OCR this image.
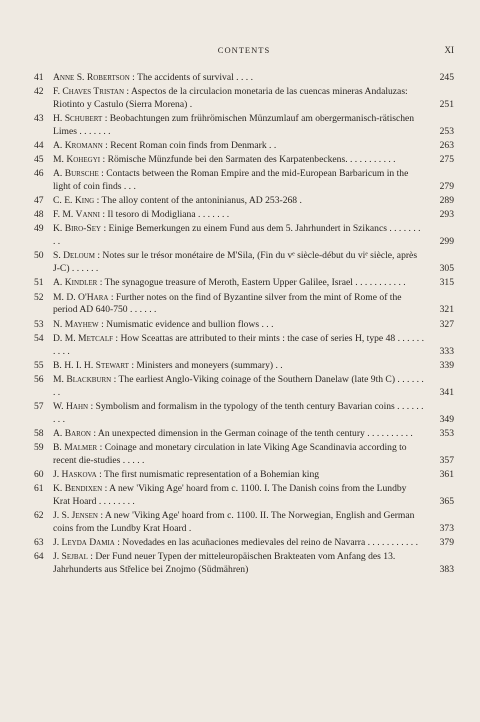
CONTENTS	XI
41 Anne S. Robertson : The accidents of survival . . . .	245
42 F. Chaves Tristan : Aspectos de la circulacion monetaria de las cuencas mineras Andaluzas: Riotinto y Castulo (Sierra Morena) .	251
43 H. Schubert : Beobachtungen zum frührömischen Münzumlauf am obergermanisch-rätischen Limes . . . . . . .	253
44 A. Kromann : Recent Roman coin finds from Denmark . .	263
45 M. Kohegyi : Römische Münzfunde bei den Sarmaten des Karpatenbeckens. . . . . . . . . . .	275
46 A. Bursche : Contacts between the Roman Empire and the mid-European Barbaricum in the light of coin finds . . .	279
47 C. E. King : The alloy content of the antoninianus, AD 253-268 .	289
48 F. M. Vanni : Il tesoro di Modigliana . . . . . . .	293
49 K. Biro-Sey : Einige Bemerkungen zu einem Fund aus dem 5. Jahrhundert in Szikancs . . . . . . . . .	299
50 S. Deloum : Notes sur le trésor monétaire de M'Sila, (Fin du vᵉ siècle-début du viᵉ siècle, après J-C) . . . . . .	305
51 A. Kindler : The synagogue treasure of Meroth, Eastern Upper Galilee, Israel . . . . . . . . . . .	315
52 M. D. O'Hara : Further notes on the find of Byzantine silver from the mint of Rome of the period AD 640-750 . . . . . .	321
53 N. Mayhew : Numismatic evidence and bullion flows . . .	327
54 D. M. Metcalf : How Sceattas are attributed to their mints : the case of series H, type 48 . . . . . . . . . .	333
55 B. H. I. H. Stewart : Ministers and moneyers (summary) . .	339
56 M. Blackburn : The earliest Anglo-Viking coinage of the Southern Danelaw (late 9th C) . . . . . . . .	341
57 W. Hahn : Symbolism and formalism in the typology of the tenth century Bavarian coins . . . . . . . . .	349
58 A. Baron : An unexpected dimension in the German coinage of the tenth century . . . . . . . . . .	353
59 B. Malmer : Coinage and monetary circulation in late Viking Age Scandinavia according to recent die-studies . . . . .	357
60 J. Haskova : The first numismatic representation of a Bohemian king	361
61 K. Bendixen : A new 'Viking Age' hoard from c. 1100. I. The Danish coins from the Lundby Krat Hoard . . . . . . . .	365
62 J. S. Jensen : A new 'Viking Age' hoard from c. 1100. II. The Norwegian, English and German coins from the Lundby Krat Hoard .	373
63 J. Leyda Damia : Novedades en las acuñaciones medievales del reino de Navarra . . . . . . . . . . .	379
64 J. Sejbal : Der Fund neuer Typen der mitteleuropäischen Brakteaten vom Anfang des 13. Jahrhunderts aus Střelice bei Znojmo (Südmähren)	383
